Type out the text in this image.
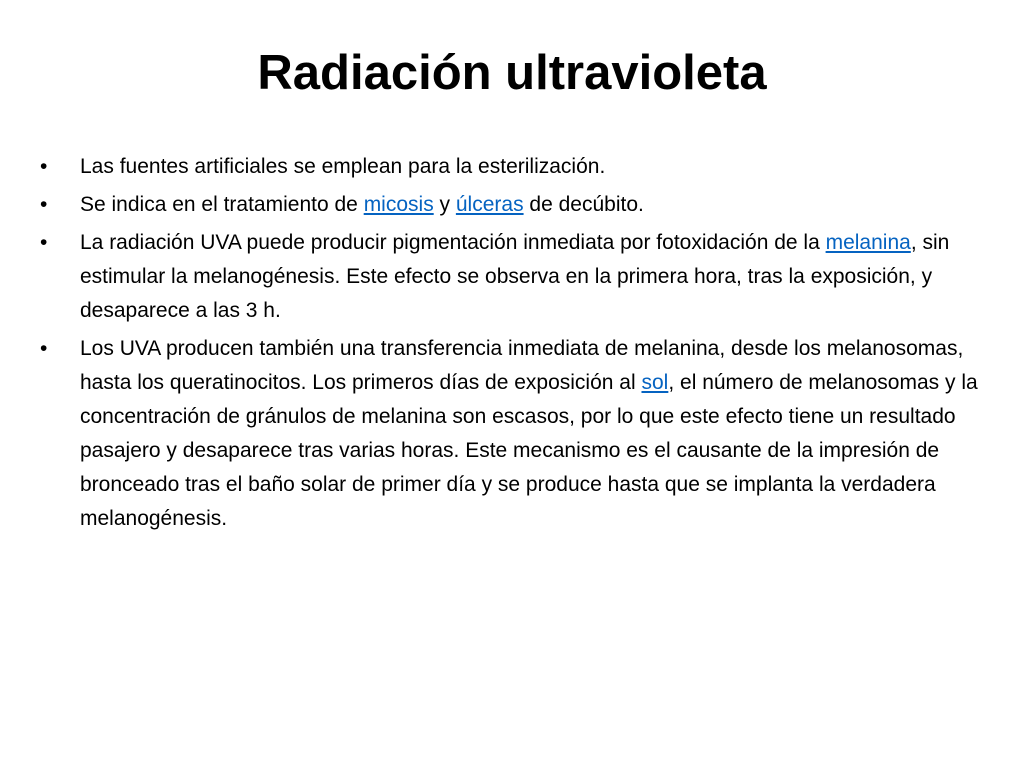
Radiación ultravioleta
•	Las fuentes artificiales se emplean para la esterilización.
•	Se indica en el tratamiento de micosis y úlceras de decúbito.
•	La radiación UVA puede producir pigmentación inmediata por fotoxidación de la melanina, sin estimular la melanogénesis. Este efecto se observa en la primera hora, tras la exposición, y desaparece a las 3 h.
•	Los UVA producen también una transferencia inmediata de melanina, desde los melanosomas, hasta los queratinocitos. Los primeros días de exposición al sol, el número de melanosomas y la concentración de gránulos de melanina son escasos, por lo que este efecto tiene un resultado pasajero y desaparece tras varias horas. Este mecanismo es el causante de la impresión de bronceado tras el baño solar de primer día y se produce hasta que se implanta la verdadera melanogénesis.
